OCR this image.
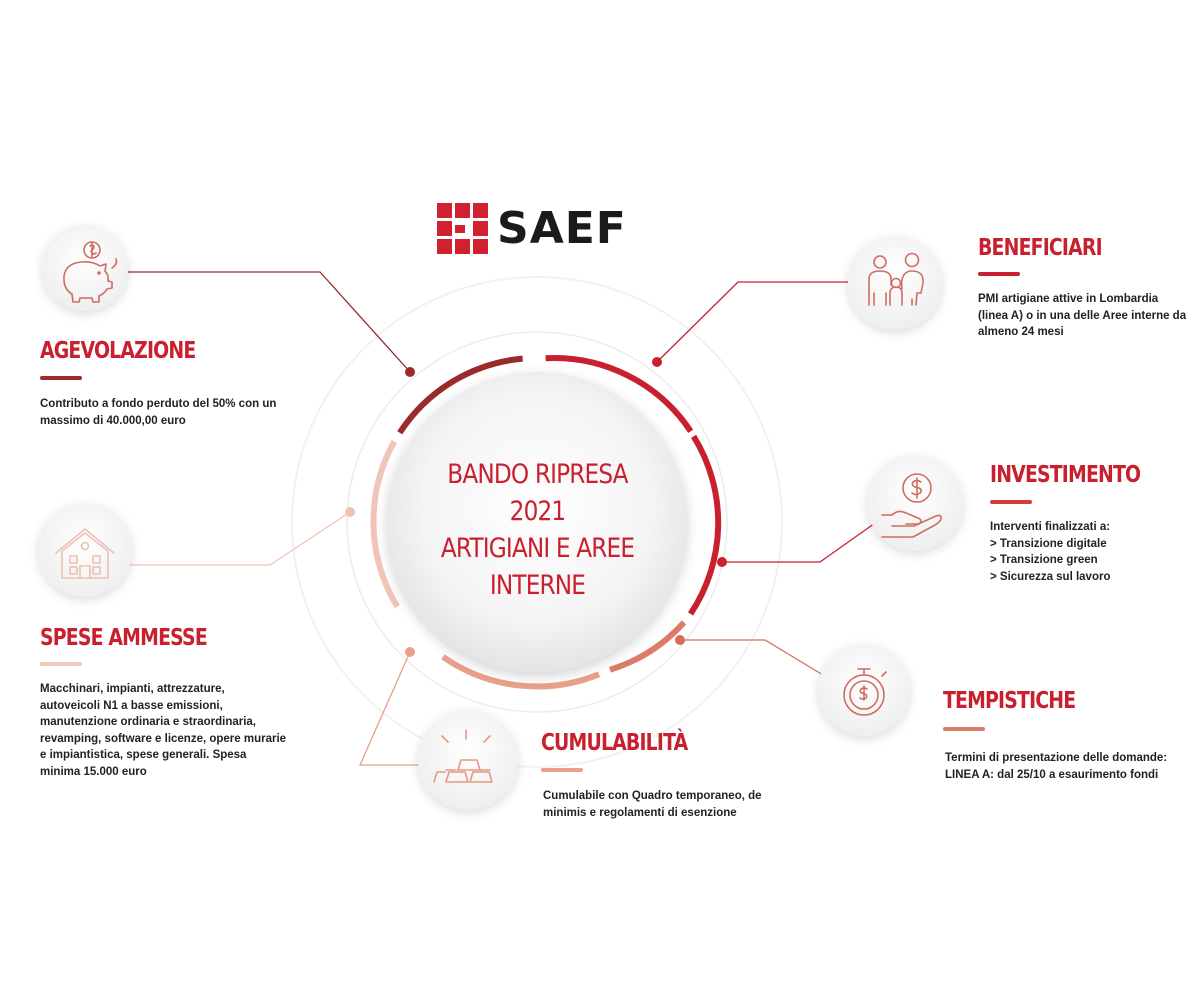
SAEF
BANDO RIPRESA 2021
ARTIGIANI E AREE
INTERNE
AGEVOLAZIONE
Contributo a fondo perduto del 50% con un
massimo di 40.000,00 euro
BENEFICIARI
PMI artigiane attive in Lombardia
(linea A) o in una delle Aree interne da
almeno 24 mesi
INVESTIMENTO
Interventi finalizzati a:
> Transizione digitale
> Transizione green
> Sicurezza sul lavoro
SPESE AMMESSE
Macchinari, impianti, attrezzature,
autoveicoli N1 a basse emissioni,
manutenzione ordinaria e straordinaria,
revamping, software e licenze, opere murarie
e impiantistica, spese generali. Spesa
minima 15.000 euro
CUMULABILITÀ
Cumulabile con Quadro temporaneo, de
minimis e regolamenti di esenzione
TEMPISTICHE
Termini di presentazione delle domande:
LINEA A: dal 25/10 a esaurimento fondi
